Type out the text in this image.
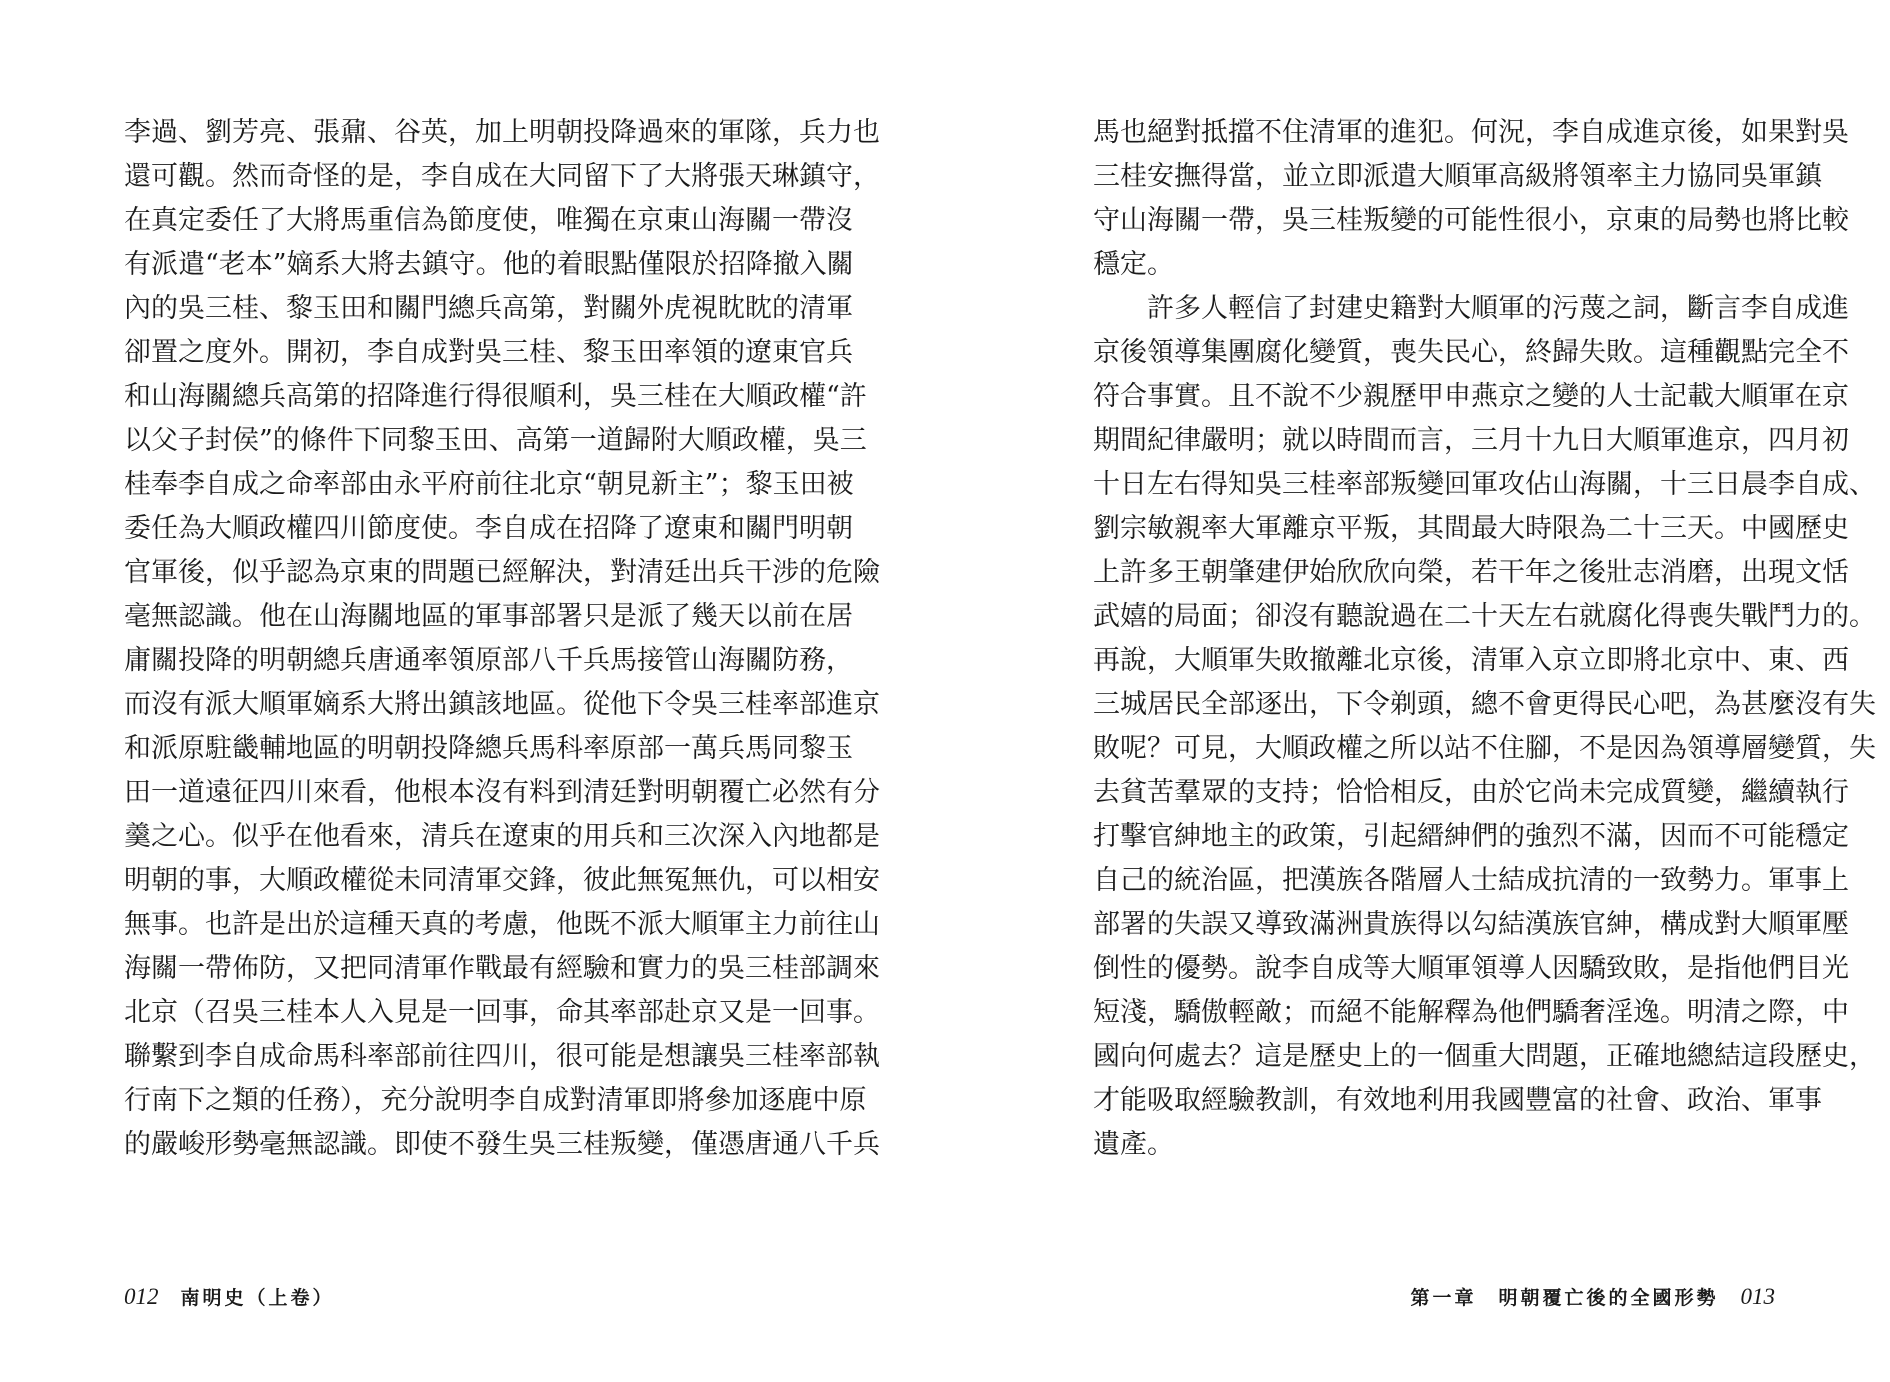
李過、劉芳亮、張鼐、谷英，加上明朝投降過來的軍隊，兵力也
還可觀。然而奇怪的是，李自成在大同留下了大將張天琳鎮守，
在真定委任了大將馬重信為節度使，唯獨在京東山海關一帶沒
有派遣“老本”嫡系大將去鎮守。他的着眼點僅限於招降撤入關
內的吳三桂、黎玉田和關門總兵高第，對關外虎視眈眈的清軍
卻置之度外。開初，李自成對吳三桂、黎玉田率領的遼東官兵
和山海關總兵高第的招降進行得很順利，吳三桂在大順政權“許
以父子封侯”的條件下同黎玉田、高第一道歸附大順政權，吳三
桂奉李自成之命率部由永平府前往北京“朝見新主”；黎玉田被
委任為大順政權四川節度使。李自成在招降了遼東和關門明朝
官軍後，似乎認為京東的問題已經解決，對清廷出兵干涉的危險
毫無認識。他在山海關地區的軍事部署只是派了幾天以前在居
庸關投降的明朝總兵唐通率領原部八千兵馬接管山海關防務，
而沒有派大順軍嫡系大將出鎮該地區。從他下令吳三桂率部進京
和派原駐畿輔地區的明朝投降總兵馬科率原部一萬兵馬同黎玉
田一道遠征四川來看，他根本沒有料到清廷對明朝覆亡必然有分
羹之心。似乎在他看來，清兵在遼東的用兵和三次深入內地都是
明朝的事，大順政權從未同清軍交鋒，彼此無冤無仇，可以相安
無事。也許是出於這種天真的考慮，他既不派大順軍主力前往山
海關一帶佈防，又把同清軍作戰最有經驗和實力的吳三桂部調來
北京（召吳三桂本人入見是一回事，命其率部赴京又是一回事。
聯繫到李自成命馬科率部前往四川，很可能是想讓吳三桂率部執
行南下之類的任務），充分說明李自成對清軍即將參加逐鹿中原
的嚴峻形勢毫無認識。即使不發生吳三桂叛變，僅憑唐通八千兵
012 南明史（上卷）
馬也絕對抵擋不住清軍的進犯。何況，李自成進京後，如果對吳
三桂安撫得當，並立即派遣大順軍高級將領率主力協同吳軍鎮
守山海關一帶，吳三桂叛變的可能性很小，京東的局勢也將比較
穩定。
許多人輕信了封建史籍對大順軍的污蔑之詞，斷言李自成進
京後領導集團腐化變質，喪失民心，終歸失敗。這種觀點完全不
符合事實。且不說不少親歷甲申燕京之變的人士記載大順軍在京
期間紀律嚴明；就以時間而言，三月十九日大順軍進京，四月初
十日左右得知吳三桂率部叛變回軍攻佔山海關，十三日晨李自成、
劉宗敏親率大軍離京平叛，其間最大時限為二十三天。中國歷史
上許多王朝肇建伊始欣欣向榮，若干年之後壯志消磨，出現文恬
武嬉的局面；卻沒有聽說過在二十天左右就腐化得喪失戰鬥力的。
再說，大順軍失敗撤離北京後，清軍入京立即將北京中、東、西
三城居民全部逐出，下令剃頭，總不會更得民心吧，為甚麼沒有失
敗呢？可見，大順政權之所以站不住腳，不是因為領導層變質，失
去貧苦羣眾的支持；恰恰相反，由於它尚未完成質變，繼續執行
打擊官紳地主的政策，引起縉紳們的強烈不滿，因而不可能穩定
自己的統治區，把漢族各階層人士結成抗清的一致勢力。軍事上
部署的失誤又導致滿洲貴族得以勾結漢族官紳，構成對大順軍壓
倒性的優勢。說李自成等大順軍領導人因驕致敗，是指他們目光
短淺，驕傲輕敵；而絕不能解釋為他們驕奢淫逸。明清之際，中
國向何處去？這是歷史上的一個重大問題，正確地總結這段歷史，
才能吸取經驗教訓，有效地利用我國豐富的社會、政治、軍事
遺產。
第一章　明朝覆亡後的全國形勢 013
